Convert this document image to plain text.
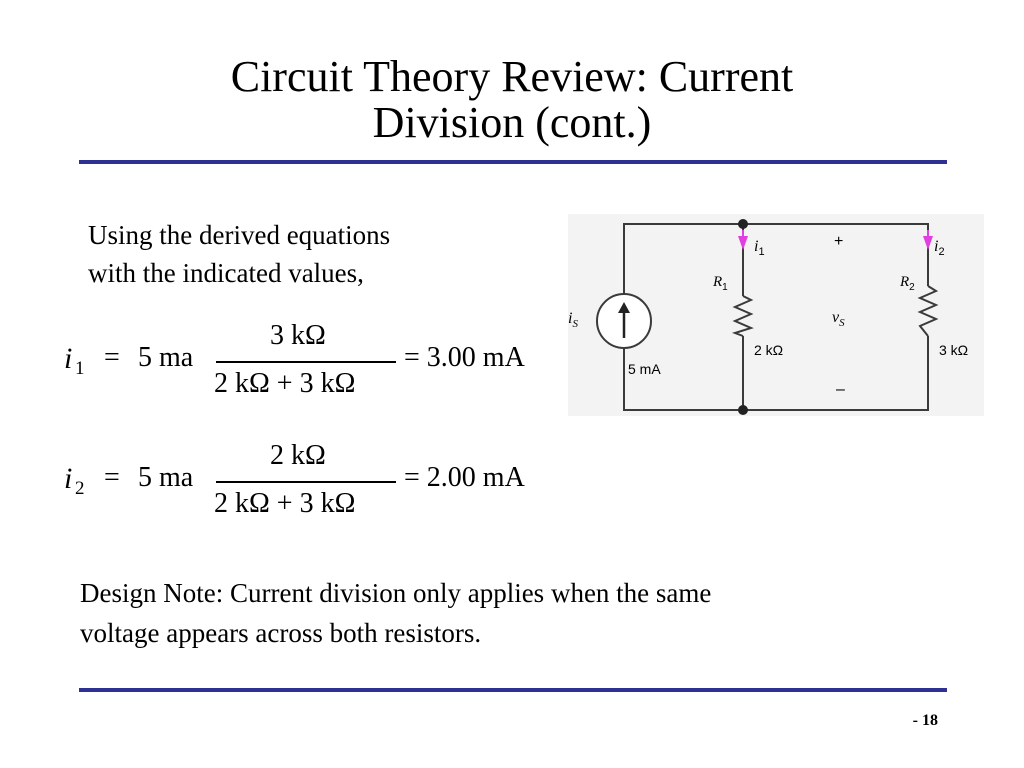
Circuit Theory Review: Current
Division (cont.)
Using the derived equations
with the indicated values,
i 1 = 5 ma
3 kΩ
2 kΩ + 3 kΩ
= 3.00 mA
i 2 = 5 ma
2 kΩ
2 kΩ + 3 kΩ
= 2.00 mA
$i_S$
5 mA
$i_1$	$i_2$
$R_1$
2 kΩ
$R_2$
3 kΩ
+
$v_S$
–
Design Note: Current division only applies when the same
voltage appears across both resistors.
- 18
